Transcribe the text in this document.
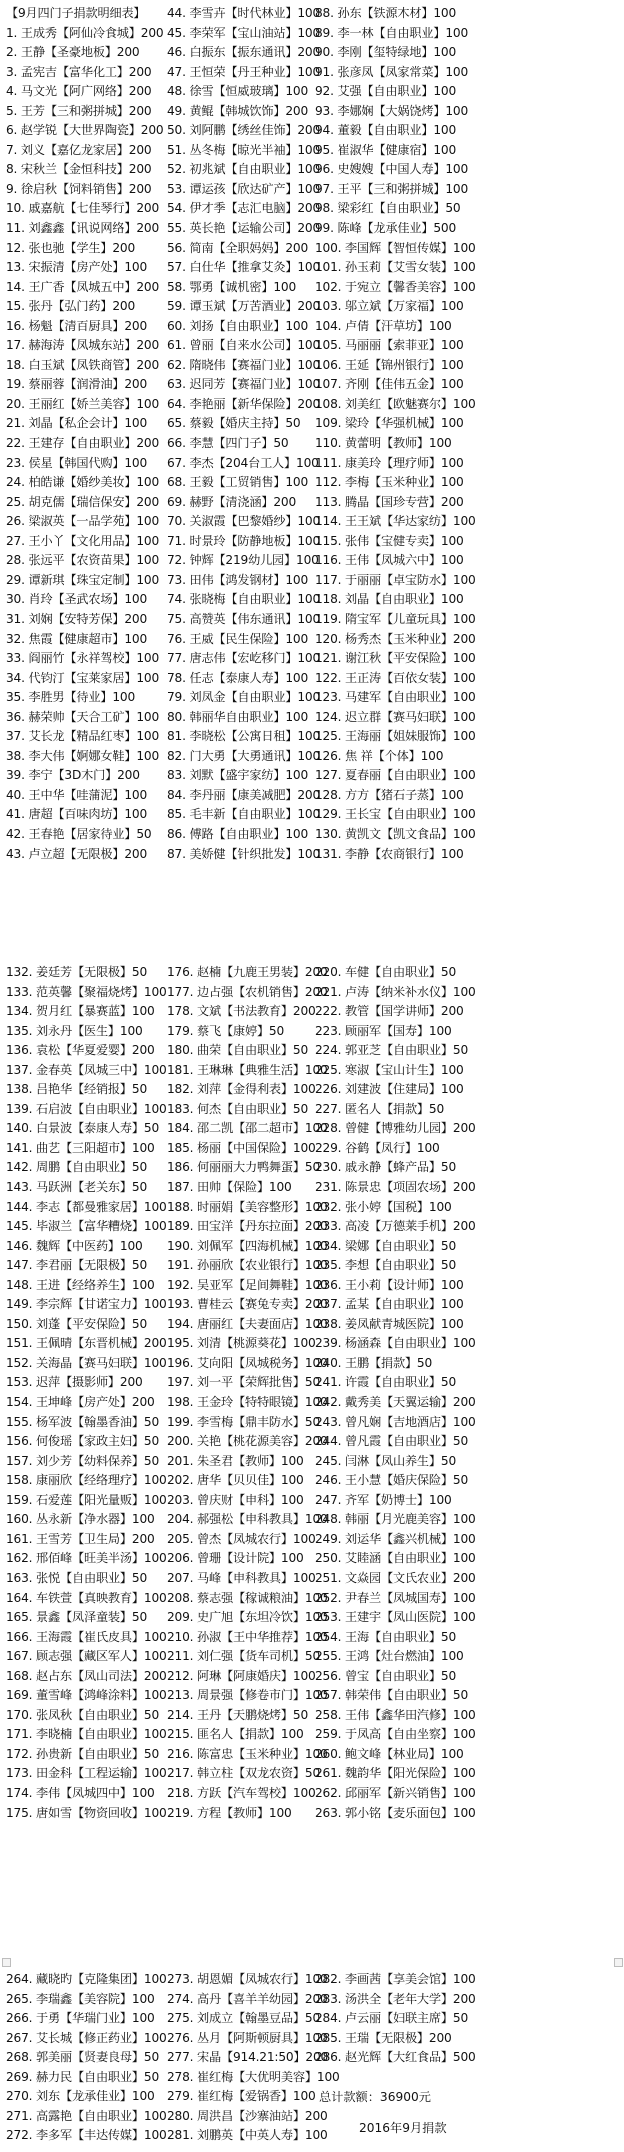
【9月四门子捐款明细表】
1. 王成秀【阿仙冷食城】200
2. 王静【圣豪地板】200
3. 孟宪吉【富华化工】200
4. 马文光【阿广网络】200
5. 王芳【三和粥拼城】200
6. 赵学锐【大世界陶瓷】200
7. 刘义【嘉亿龙家居】200
8. 宋秋兰【金恒科技】200
9. 徐启秋【饲料销售】200
10. 戚嘉航【七佳琴行】200
11. 刘鑫鑫【讯说网络】200
12. 张也驰【学生】200
13. 宋振清【房产处】100
14. 王广香【凤城五中】200
15. 张丹【弘门药】200
16. 杨魁【清百厨具】200
17. 赫海涛【凤城东站】200
18. 白玉斌【凤铁商管】200
19. 蔡丽蓉【润滑油】200
20. 王丽红【娇兰美容】100
21. 刘晶【私企会计】100
22. 王建存【自由职业】200
23. 侯星【韩国代购】100
24. 柏皓谦【婚纱美妆】100
25. 胡克儒【瑞信保安】200
26. 梁淑英【一品学苑】100
27. 王小丫【文化用品】100
28. 张远平【农资苗果】100
29. 谭新琪【珠宝定制】100
30. 肖玲【圣武农场】100
31. 刘娴【安特芳保】200
32. 焦霞【健康超市】100
33. 阎丽竹【永祥驾校】100
34. 代钧汀【宝莱家居】100
35. 李胜男【待业】100
36. 赫荣帅【天合工矿】100
37. 艾长龙【精品红枣】100
38. 李大伟【婀娜女鞋】100
39. 李宁【3D木门】200
40. 王中华【哇蒲泥】100
41. 唐超【百味肉坊】100
42. 王春艳【居家待业】50
43. 卢立超【无限极】200
44. 李雪卉【时代林业】100
45. 李荣军【宝山油站】100
46. 白振东【振东通讯】200
47. 王恒荣【丹王种业】100
48. 徐雪【恒威玻璃】100
49. 黄鲲【韩城饮饰】200
50. 刘阿鹏【绣丝佳饰】200
51. 丛冬梅【晾光半袖】100
52. 初兆斌【自由职业】100
53. 谭运孩【欣达矿产】100
54. 伊才季【志汇电脑】200
55. 英长艳【运输公司】200
56. 简南【全职妈妈】200
57. 白仕华【推拿艾灸】100
58. 鄂勇【诚机密】100
59. 谭玉斌【万苦酒业】200
60. 刘扬【自由职业】100
61. 曾丽【自来水公司】100
62. 隋晓伟【赛福门业】100
63. 迟同芳【赛福门业】100
64. 李艳丽【新华保险】200
65. 蔡毅【婚庆主持】50
66. 李慧【四门子】50
67. 李杰【204台工人】100
68. 王毅【工贸销售】100
69. 赫野【清浇涵】200
70. 关淑霞【巴黎婚纱】100
71. 时景玲【防静地板】100
72. 钟辉【219幼儿园】100
73. 田伟【鸿发钢材】100
74. 张晓梅【自由职业】100
75. 高赞英【伟东通讯】100
76. 王威【民生保险】100
77. 唐志伟【宏屹移门】100
78. 任志【泰康人寿】100
79. 刘凤金【自由职业】100
80. 韩丽华自由职业】100
81. 李晓松【公寓日租】100
82. 门大勇【大勇通讯】100
83. 刘默【盛宇家纺】100
84. 李丹丽【康美减肥】200
85. 毛丰新【自由职业】100
86. 傅路【自由职业】100
87. 美娇健【针织批发】100
88. 孙东【铁源木材】100
89. 李一林【自由职业】100
90. 李刚【玺特绿地】100
91. 张彦凤【凤家常菜】100
92. 艾强【自由职业】100
93. 李娜娴【大娲饶烤】100
94. 董毅【自由职业】100
95. 崔淑华【健康宿】100
96. 史嫂嫂【中国人寿】100
97. 王平【三和粥拼城】100
98. 梁彩红【自由职业】50
99. 陈峰【龙承佳业】500
100. 李国辉【智恒传媒】100
101. 孙玉莉【艾雪女装】100
102. 于宛立【馨香美容】100
103. 邬立斌【万家福】100
104. 卢倩【汗草坊】100
105. 马丽丽【索菲亚】100
106. 王延【锦州银行】100
107. 齐刚【佳伟五金】100
108. 刘美红【欧魅赛尔】100
109. 梁玲【华强机械】100
110. 黄蕾明【教师】100
111. 康美玲【理疗师】100
112. 李梅【玉米种业】100
113. 腾晶【国珍专营】200
114. 王王斌【华达家纺】100
115. 张伟【宝健专卖】100
116. 王伟【凤城六中】100
117. 于丽丽【卓宝防水】100
118. 刘晶【自由职业】100
119. 隋宝军【儿童玩具】100
120. 杨秀杰【玉米种业】200
121. 谢江秋【平安保险】100
122. 王正涛【百依女装】100
123. 马建军【自由职业】100
124. 迟立群【赛马妇联】100
125. 王海丽【姐妹服饰】100
126. 焦 祥【个体】100
127. 夏春丽【自由职业】100
128. 方方【猪石子蒸】100
129. 王长宝【自由职业】100
130. 黄凯文【凯文食品】100
131. 李静【农商银行】100
132. 姜廷芳【无限极】50
133. 范英馨【聚福烧烤】100
134. 贺月红【暴赛蓝】100
135. 刘永丹【医生】100
136. 袁松【华夏爱婴】200
137. 金春英【凤城三中】100
138. 吕艳华【经销报】50
139. 石启波【自由职业】100
140. 白景波【泰康人寿】50
141. 曲艺【三阳超市】100
142. 周鹏【自由职业】50
143. 马跃洲【老关东】50
144. 李志【都曼雅家居】100
145. 毕淑兰【富华糟烧】100
146. 魏辉【中医药】100
147. 李君丽【无限极】50
148. 王进【经络养生】100
149. 李宗辉【甘诺宝力】100
150. 刘蓬【平安保险】50
151. 王佩晴【东晋机械】200
152. 关海晶【赛马妇联】100
153. 迟萍【摄影师】200
154. 王坤峰【房产处】200
155. 杨军波【翰墨香油】50
156. 何俊瑶【家政主妇】50
157. 刘少芳【幼料保养】50
158. 康丽欣【经络理疗】100
159. 石爱莲【阳光量贩】100
160. 丛永新【净水器】100
161. 王雪芳【卫生局】200
162. 邢佰峰【旺美半汤】100
163. 张悦【自由职业】50
164. 车铁萱【真映教育】100
165. 景鑫【凤泽童装】50
166. 王海霞【崔氏皮具】100
167. 顾志强【藏区军人】100
168. 赵占东【凤山司法】200
169. 董雪峰【鸿峰涂料】100
170. 张凤秋【自由职业】50
171. 李晓楠【自由职业】100
172. 孙贵新【自由职业】50
173. 田金科【工程运输】100
174. 李伟【凤城四中】100
175. 唐如雪【物资回收】100
176. 赵楠【九鹿王男装】200
177. 边占强【农机销售】200
178. 文斌【书法教育】200
179. 蔡飞【康婷】50
180. 曲荣【自由职业】50
181. 王琳琳【典雅生活】100
182. 刘萍【金得利表】100
183. 何杰【自由职业】50
184. 邵二凯【邵二超市】100
185. 杨丽【中国保险】100
186. 何丽丽大力鸭舞蛋】50
187. 田帅【保险】100
188. 时丽娟【美容整形】100
189. 田宝洋【丹东拉面】200
190. 刘佩军【四海机械】100
191. 孙丽欣【农业银行】100
192. 吴亚军【足间舞鞋】100
193. 曹桂云【赛兔专卖】200
194. 唐丽红【夫妻面店】100
195. 刘清【桃源葵花】100
196. 艾向阳【凤城税务】100
197. 刘一平【荣辉批售】50
198. 王金玲【特特眼镜】100
199. 李雪梅【鼎丰防水】50
200. 关艳【桃花源美容】200
201. 朱圣君【教师】100
202. 唐华【贝贝佳】100
203. 曾庆财【申科】100
204. 郝强松【申科教具】100
205. 曾杰【凤城农行】100
206. 曾珊【设计院】100
207. 马峰【申科教具】100
208. 蔡志强【稼诚粮油】100
209. 史广旭【东坦冷饮】100
210. 孙淑【王中华推荐】100
211. 刘仁强【货车司机】50
212. 阿琳【阿康婚庆】100
213. 周景强【修卷市门】100
214. 王丹【天鹏烧烤】50
215. 匪名人【捐款】100
216. 陈富忠【玉米种业】100
217. 韩立柱【双龙农资】50
218. 方跃【汽车驾校】100
219. 方程【教师】100
220. 车健【自由职业】50
221. 卢涛【纳米补水仪】100
222. 教管【国学讲师】200
223. 顾丽军【国寿】100
224. 郭亚芝【自由职业】50
225. 寒淑【宝山计生】100
226. 刘建波【住建局】100
227. 匿名人【捐款】50
228. 曾健【博雅幼儿园】200
229. 谷鹤【凤行】100
230. 戚永静【蜂产品】50
231. 陈景忠【项固农场】200
232. 张小婷【国税】100
233. 高凌【万德莱手机】200
234. 梁娜【自由职业】50
235. 李想【自由职业】50
236. 王小莉【设计师】100
237. 孟某【自由职业】100
238. 姜凤献青城医院】100
239. 杨涵森【自由职业】100
240. 王鹏【捐款】50
241. 许霞【自由职业】50
242. 戴秀美【天翼运输】200
243. 曾凡娴【吉地酒店】100
244. 曾凡霞【自由职业】50
245. 闫淋【凤山养生】50
246. 王小慧【婚庆保险】50
247. 齐军【奶博士】100
248. 韩丽【月光鹿美容】100
249. 刘运华【鑫兴机械】100
250. 艾睦涵【自由职业】100
251. 文焱园【文氏农业】200
252. 尹春兰【凤城国寿】100
253. 王建宇【凤山医院】100
254. 王海【自由职业】50
255. 王鸿【灶台燃油】100
256. 曾宝【自由职业】50
257. 韩荣伟【自由职业】50
258. 王伟【鑫华田汽修】100
259. 于凤高【自由坐察】100
260. 鲍文峰【林业局】100
261. 魏韵华【阳光保险】100
262. 邱丽军【新兴销售】100
263. 郭小铭【麦乐面包】100
264. 藏晓旳【克隆集团】100
265. 李瑞鑫【美容院】100
266. 于勇【华瑞门业】100
267. 艾长城【修正药业】100
268. 郭美丽【贤妻良母】50
269. 赫力民【自由职业】50
270. 刘东【龙承佳业】100
271. 高露艳【自由职业】100
272. 李多军【丰达传媒】100
273. 胡恩媚【凤城农行】100
274. 高丹【喜羊羊幼园】200
275. 刘成立【翰墨豆品】50
276. 丛月【阿斯顿厨具】100
277. 宋晶【914.21:50】200
278. 崔红梅【大优明美容】100
279. 崔红梅【爱锅香】100
280. 周洪昌【沙寨油站】200
281. 刘鹏英【中英人寿】100
282. 李画茜【享美会馆】100
283. 汤洪全【老年大学】200
284. 卢云丽【妇联主席】50
285. 王瑞【无限极】200
286. 赵光辉【大红食品】500
总计款额：36900元
2016年9月捐款
